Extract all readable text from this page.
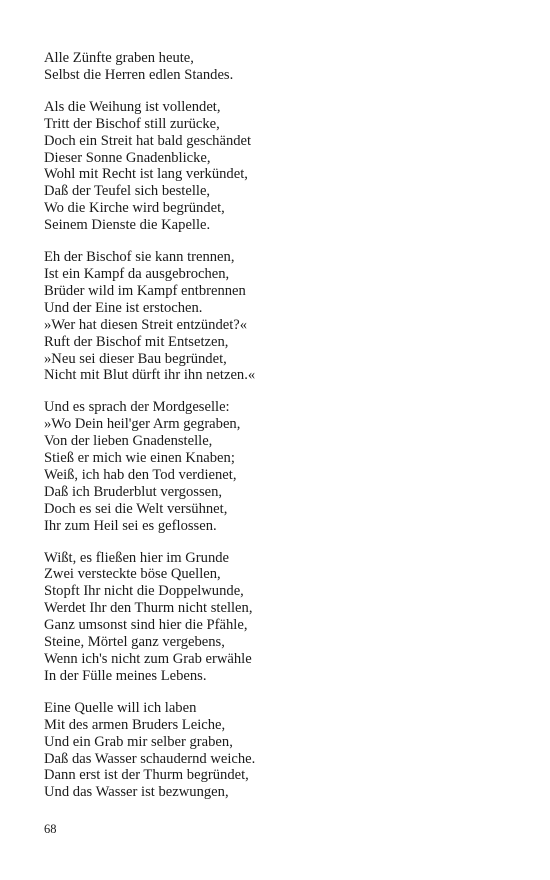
Alle Zünfte graben heute,
Selbst die Herren edlen Standes.
Als die Weihung ist vollendet,
Tritt der Bischof still zurücke,
Doch ein Streit hat bald geschändet
Dieser Sonne Gnadenblicke,
Wohl mit Recht ist lang verkündet,
Daß der Teufel sich bestelle,
Wo die Kirche wird begründet,
Seinem Dienste die Kapelle.
Eh der Bischof sie kann trennen,
Ist ein Kampf da ausgebrochen,
Brüder wild im Kampf entbrennen
Und der Eine ist erstochen.
»Wer hat diesen Streit entzündet?«
Ruft der Bischof mit Entsetzen,
»Neu sei dieser Bau begründet,
Nicht mit Blut dürft ihr ihn netzen.«
Und es sprach der Mordgeselle:
»Wo Dein heil'ger Arm gegraben,
Von der lieben Gnadenstelle,
Stieß er mich wie einen Knaben;
Weiß, ich hab den Tod verdienet,
Daß ich Bruderblut vergossen,
Doch es sei die Welt versühnet,
Ihr zum Heil sei es geflossen.
Wißt, es fließen hier im Grunde
Zwei versteckte böse Quellen,
Stopft Ihr nicht die Doppelwunde,
Werdet Ihr den Thurm nicht stellen,
Ganz umsonst sind hier die Pfähle,
Steine, Mörtel ganz vergebens,
Wenn ich's nicht zum Grab erwähle
In der Fülle meines Lebens.
Eine Quelle will ich laben
Mit des armen Bruders Leiche,
Und ein Grab mir selber graben,
Daß das Wasser schaudernd weiche.
Dann erst ist der Thurm begründet,
Und das Wasser ist bezwungen,
68
